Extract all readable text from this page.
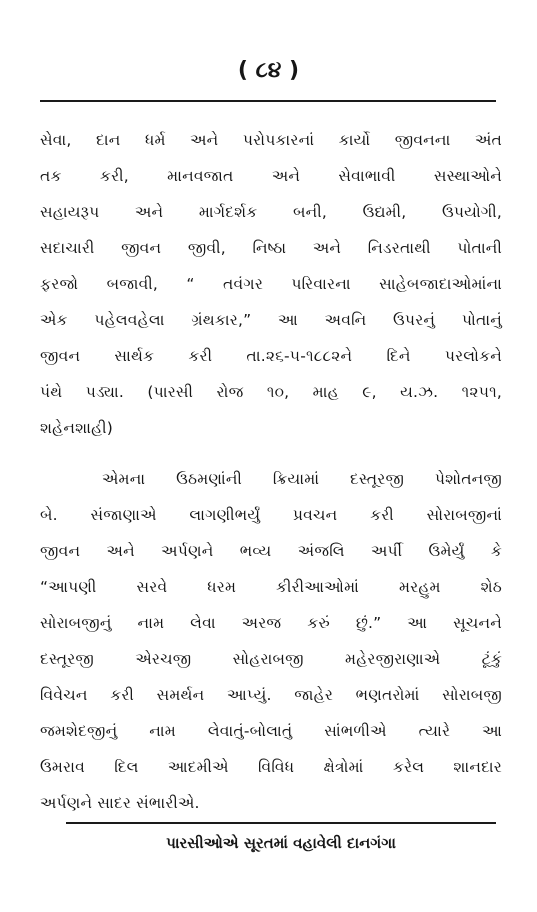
( ૮૪ )
સેવા, દાન ધર્મ અને પરોપકારનાં કાર્યો જીવનના અંત
તક કરી, માનવજાત અને સેવાભાવી સસ્થાઓને
સહાયરૂપ અને માર્ગદર્શક બની, ઉદ્યમી, ઉપયોગી,
સદાચારી જીવન જીવી, નિષ્ઠા અને નિડરતાથી પોતાની
ફરજો બજાવી, “ તવંગર પરિવારના સાહેબજાદાઓમાંના
એક પહેલવહેલા ગ્રંથકાર,” આ અવનિ ઉપરનું પોતાનું
જીવન સાર્થક કરી તા.૨૬-૫-૧૮૮૨ને દિને પરલોકને
પંથે પડ્યા. (પારસી રોજ ૧૦, માહ ૯, ય.ઝ. ૧૨૫૧,
શહેનશાહી)
એમના ઉઠમણાંની ક્રિયામાં દસ્તૂરજી પેશોતનજી
બે. સંજાણાએ લાગણીભર્યું પ્રવચન કરી સોરાબજીનાં
જીવન અને અર્પણને ભવ્ય અંજલિ અર્પી ઉમેર્યું કે
“આપણી સરવે ધરમ કીરીઆઓમાં મરહુમ શેઠ
સોરાબજીનું નામ લેવા અરજ કરું છું.” આ સૂચનને
દસ્તૂરજી એરચજી સોહરાબજી મહેરજીરાણાએ ટૂંકું
વિવેચન કરી સમર્થન આપ્યું. જાહેર ભણતરોમાં સોરાબજી
જમશેદજીનું નામ લેવાતું-બોલાતું સાંભળીએ ત્યારે આ
ઉમરાવ દિલ આદમીએ વિવિધ ક્ષેત્રોમાં કરેલ શાનદાર
અર્પણને સાદર સંભારીએ.
પારસીઓએ સૂરતમાં વહાવેલી દાનગંગા
